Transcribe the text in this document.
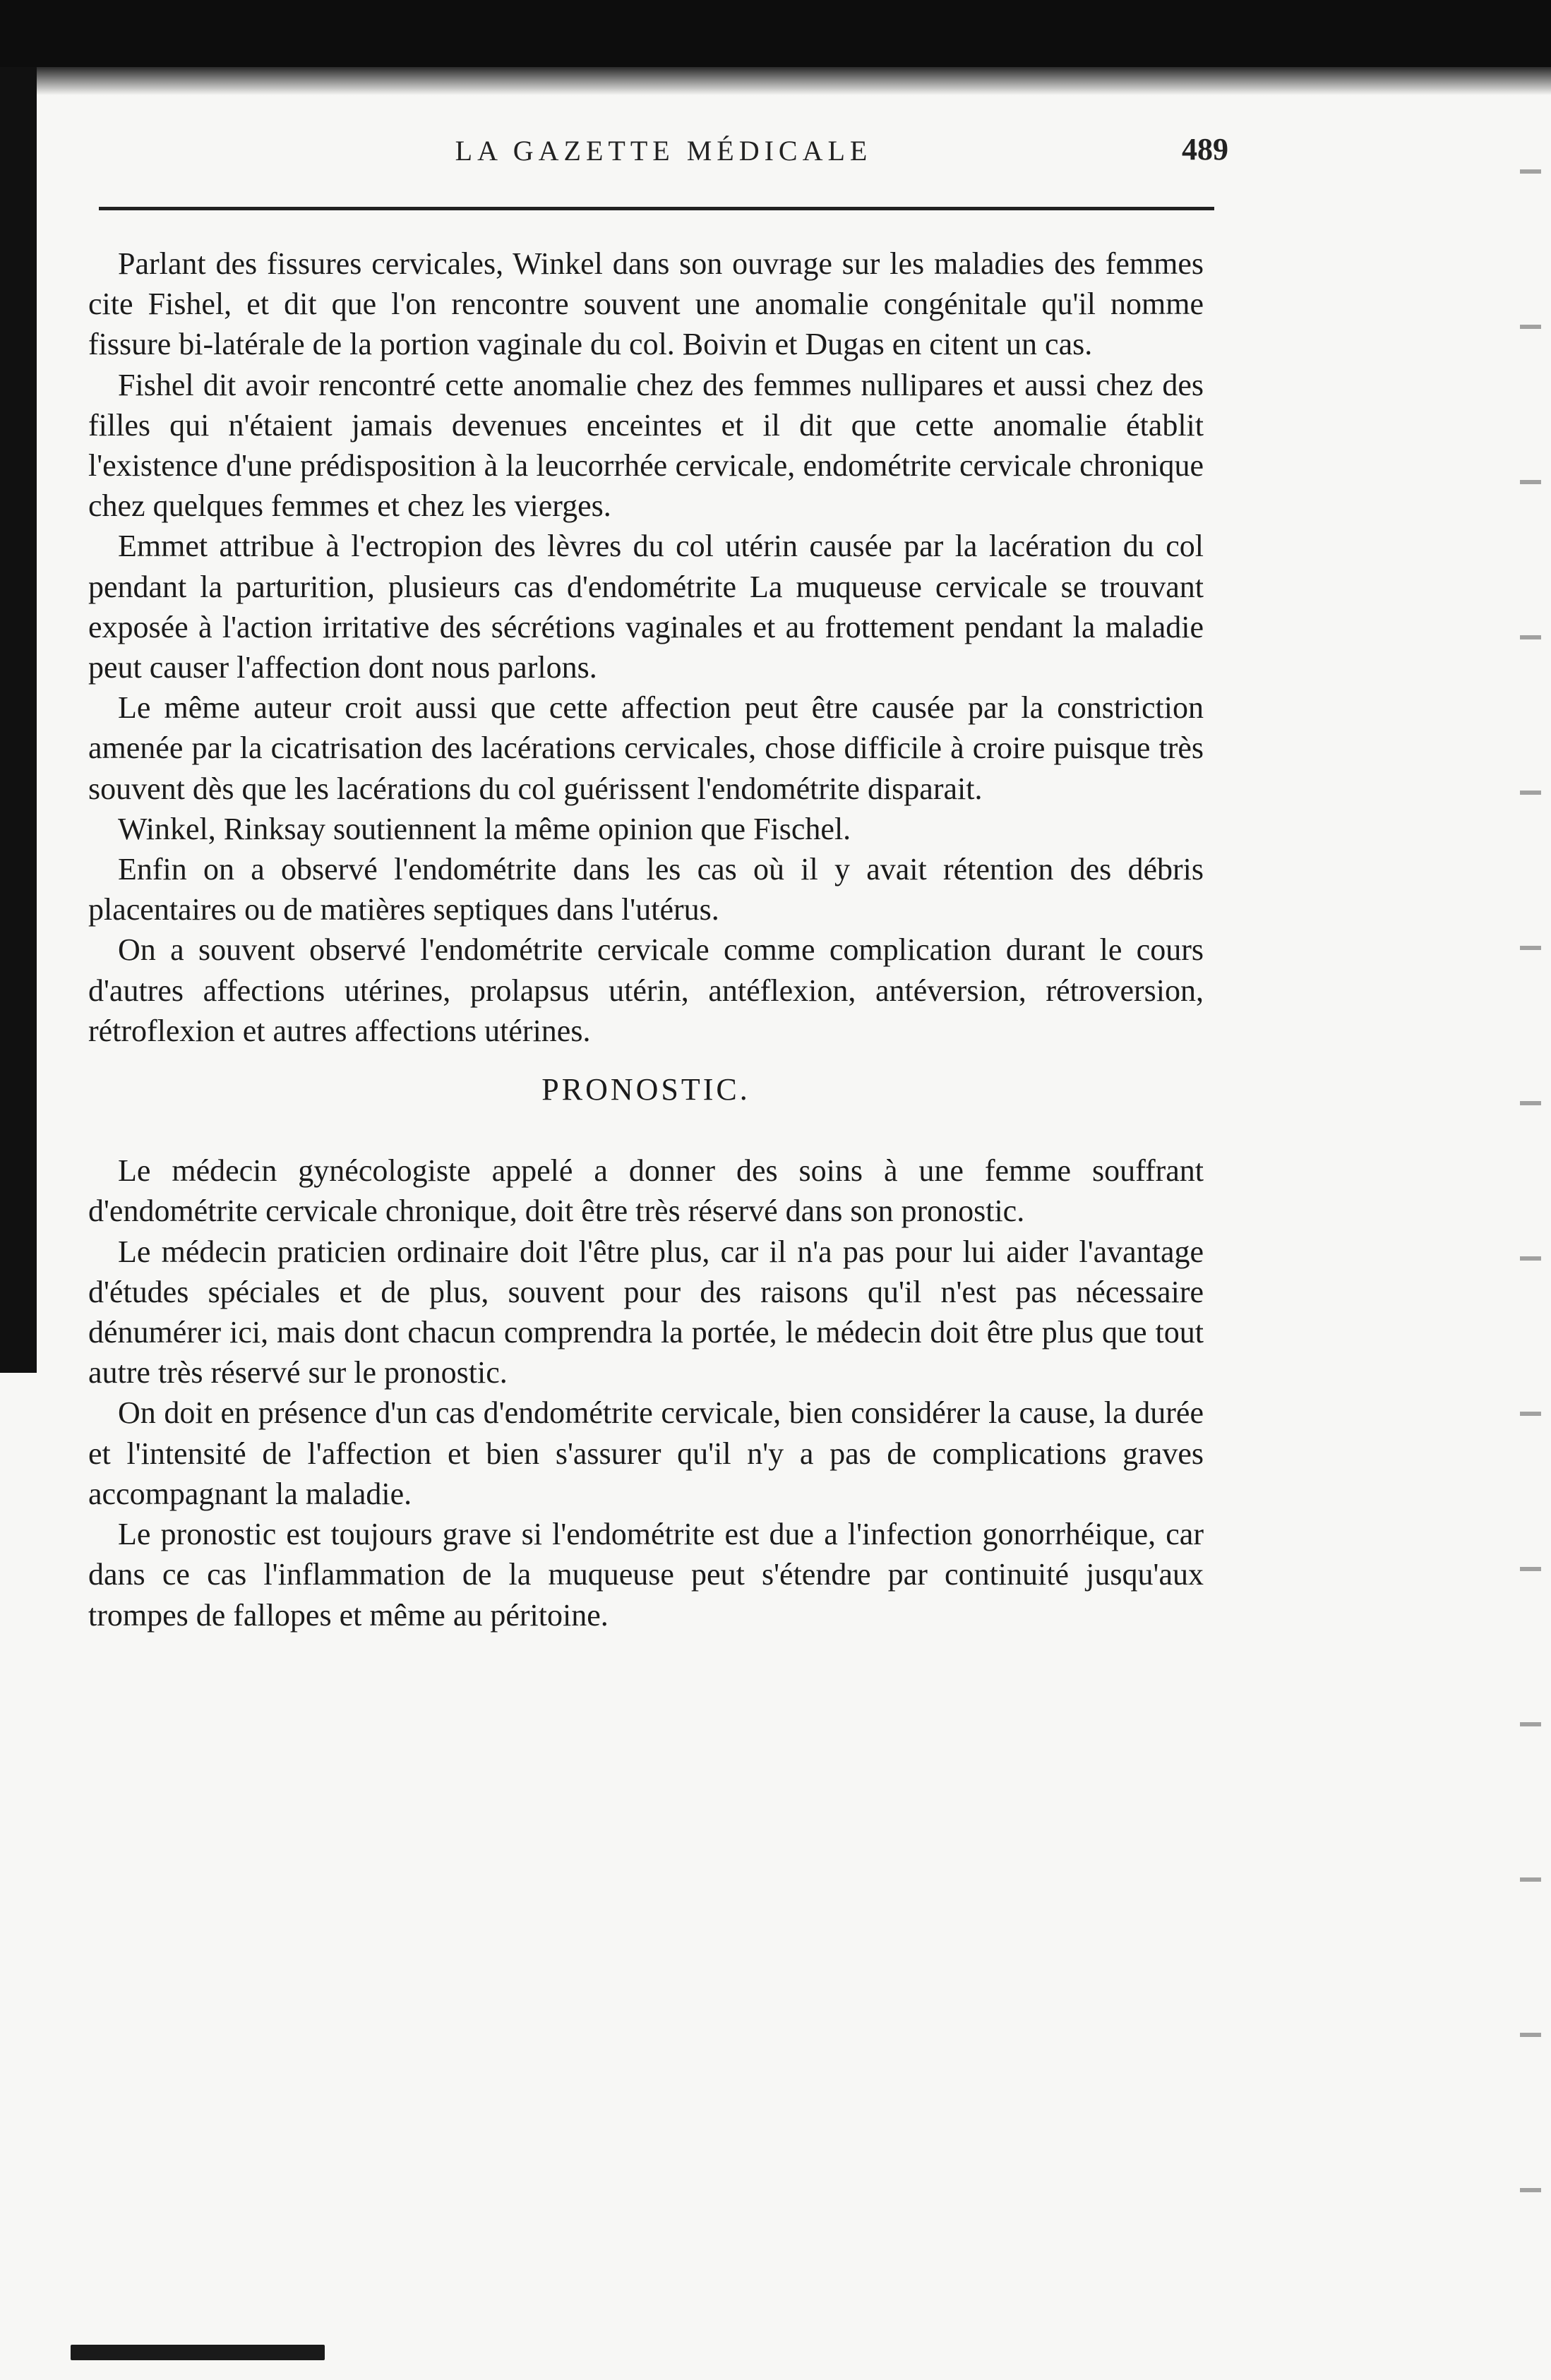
LA GAZETTE MÉDICALE	489

Parlant des fissures cervicales, Winkel dans son ouvrage sur les maladies des femmes cite Fishel, et dit que l'on rencontre souvent une anomalie congénitale qu'il nomme fissure bi-latérale de la portion vaginale du col. Boivin et Dugas en citent un cas.

Fishel dit avoir rencontré cette anomalie chez des femmes nullipares et aussi chez des filles qui n'étaient jamais devenues enceintes et il dit que cette anomalie établit l'existence d'une prédisposition à la leucorrhée cervicale, endométrite cervicale chronique chez quelques femmes et chez les vierges.

Emmet attribue à l'ectropion des lèvres du col utérin causée par la lacération du col pendant la parturition, plusieurs cas d'endométrite La muqueuse cervicale se trouvant exposée à l'action irritative des sécrétions vaginales et au frottement pendant la maladie peut causer l'affection dont nous parlons.

Le même auteur croit aussi que cette affection peut être causée par la constriction amenée par la cicatrisation des lacérations cervicales, chose difficile à croire puisque très souvent dès que les lacérations du col guérissent l'endométrite disparait.

Winkel, Rinksay soutiennent la même opinion que Fischel.

Enfin on a observé l'endométrite dans les cas où il y avait rétention des débris placentaires ou de matières septiques dans l'utérus.

On a souvent observé l'endométrite cervicale comme complication durant le cours d'autres affections utérines, prolapsus utérin, antéflexion, antéversion, rétroversion, rétroflexion et autres affections utérines.

PRONOSTIC.

Le médecin gynécologiste appelé a donner des soins à une femme souffrant d'endométrite cervicale chronique, doit être très réservé dans son pronostic.

Le médecin praticien ordinaire doit l'être plus, car il n'a pas pour lui aider l'avantage d'études spéciales et de plus, souvent pour des raisons qu'il n'est pas nécessaire dénumérer ici, mais dont chacun comprendra la portée, le médecin doit être plus que tout autre très réservé sur le pronostic.

On doit en présence d'un cas d'endométrite cervicale, bien considérer la cause, la durée et l'intensité de l'affection et bien s'assurer qu'il n'y a pas de complications graves accompagnant la maladie.

Le pronostic est toujours grave si l'endométrite est due a l'infection gonorrhéique, car dans ce cas l'inflammation de la muqueuse peut s'étendre par continuité jusqu'aux trompes de fallopes et même au péritoine.
